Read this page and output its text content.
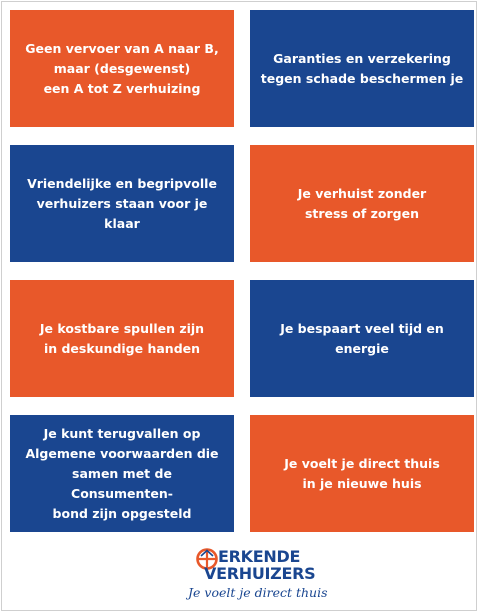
Geen vervoer van A naar B,
maar (desgewenst)
een A tot Z verhuizing
Garanties en verzekering
tegen schade beschermen je
Vriendelijke en begripvolle
verhuizers staan voor je klaar
Je verhuist zonder
stress of zorgen
Je kostbare spullen zijn
in deskundige handen
Je bespaart veel tijd en energie
Je kunt terugvallen op
Algemene voorwaarden die
samen met de Consumenten-
bond zijn opgesteld
Je voelt je direct thuis
in je nieuwe huis
ERKENDE
VERHUIZERS
Je voelt je direct thuis
